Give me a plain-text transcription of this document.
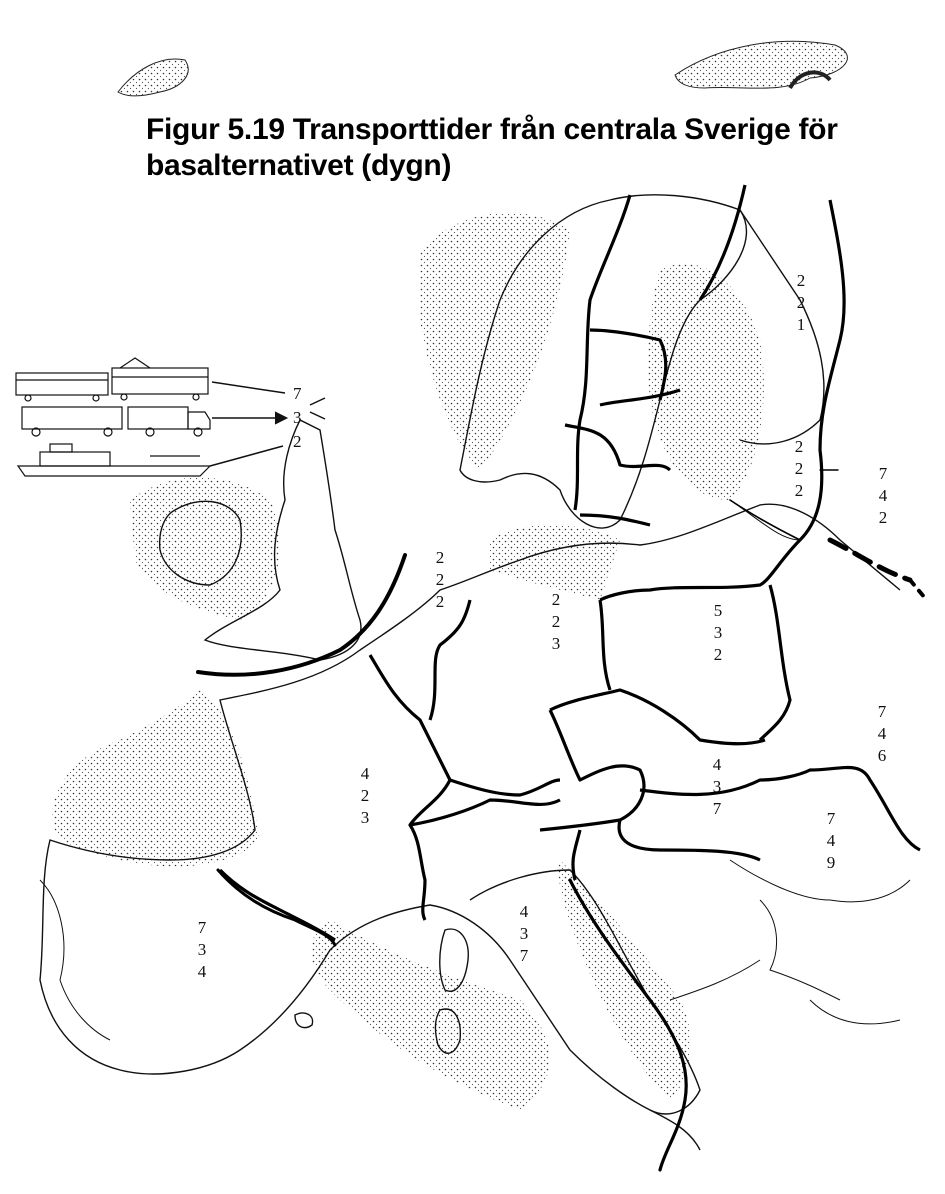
Figur 5.19 Transporttider från centrala Sverige för
basalternativet (dygn)
7
3
2
2
2
1
2
2
2
7
4
2
2
2
2	2
2
3
5
3
2
7
4
6
4
2
3
4
3
7
7
4
9
4
3
7
7
3
4
